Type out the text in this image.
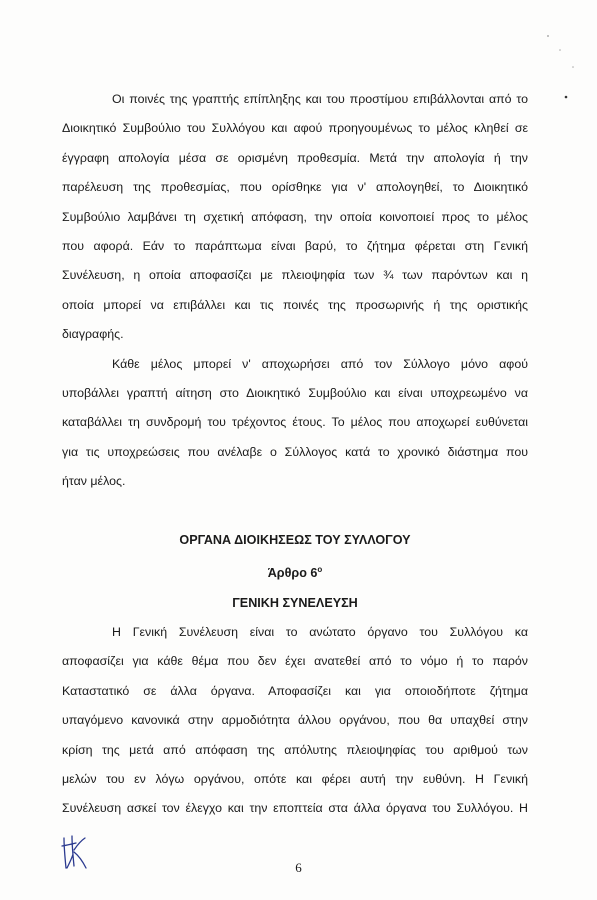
Οι ποινές της γραπτής επίπληξης και του προστίμου επιβάλλονται από το
Διοικητικό Συμβούλιο του Συλλόγου και αφού προηγουμένως το μέλος κληθεί σε
έγγραφη απολογία μέσα σε ορισμένη προθεσμία. Μετά την απολογία ή την
παρέλευση της προθεσμίας, που ορίσθηκε για ν' απολογηθεί, το Διοικητικό
Συμβούλιο λαμβάνει τη σχετική απόφαση, την οποία κοινοποιεί προς το μέλος
που αφορά. Εάν το παράπτωμα είναι βαρύ, το ζήτημα φέρεται στη Γενική
Συνέλευση, η οποία αποφασίζει με πλειοψηφία των ¾ των παρόντων και η
οποία μπορεί να επιβάλλει και τις ποινές της προσωρινής ή της οριστικής
διαγραφής.

Κάθε μέλος μπορεί ν' αποχωρήσει από τον Σύλλογο μόνο αφού
υποβάλλει γραπτή αίτηση στο Διοικητικό Συμβούλιο και είναι υποχρεωμένο να
καταβάλλει τη συνδρομή του τρέχοντος έτους. Το μέλος που αποχωρεί ευθύνεται
για τις υποχρεώσεις που ανέλαβε ο Σύλλογος κατά το χρονικό διάστημα που
ήταν μέλος.

ΟΡΓΑΝΑ ΔΙΟΙΚΗΣΕΩΣ ΤΟΥ ΣΥΛΛΟΓΟΥ

Άρθρο $6^o$

ΓΕΝΙΚΗ ΣΥΝΕΛΕΥΣΗ

Η Γενική Συνέλευση είναι το ανώτατο όργανο του Συλλόγου κα
αποφασίζει για κάθε θέμα που δεν έχει ανατεθεί από το νόμο ή το παρόν
Καταστατικό σε άλλα όργανα. Αποφασίζει και για οποιοδήποτε ζήτημα
υπαγόμενο κανονικά στην αρμοδιότητα άλλου οργάνου, που θα υπαχθεί στην
κρίση της μετά από απόφαση της απόλυτης πλειοψηφίας του αριθμού των
μελών του εν λόγω οργάνου, οπότε και φέρει αυτή την ευθύνη. Η Γενική
Συνέλευση ασκεί τον έλεγχο και την εποπτεία στα άλλα όργανα του Συλλόγου. Η

6
